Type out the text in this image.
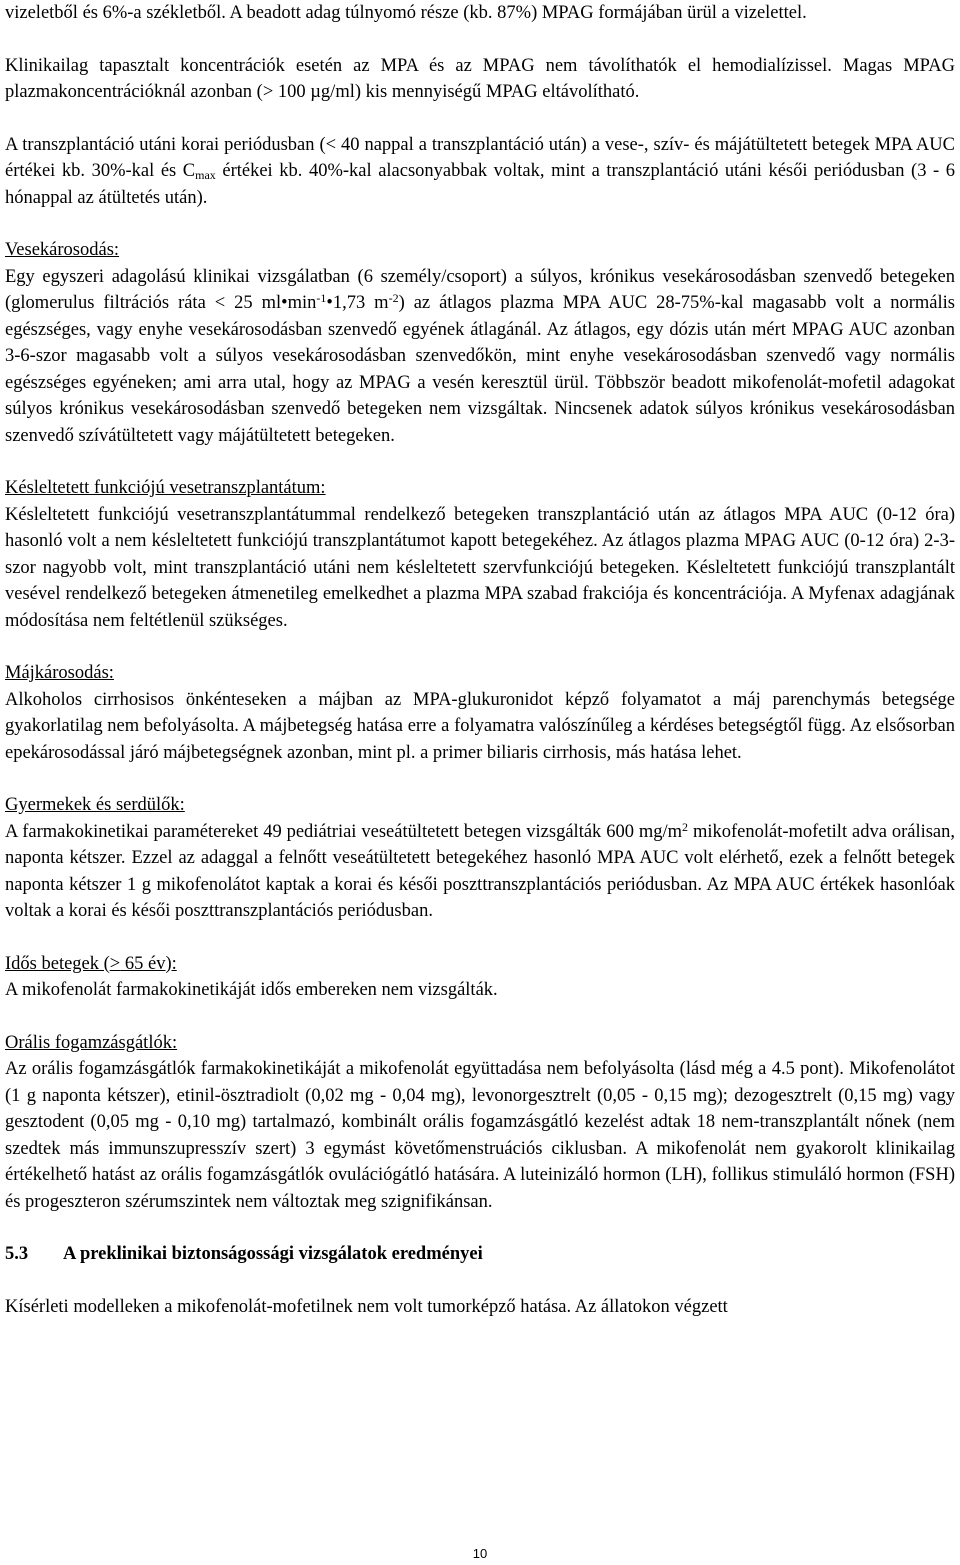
vizeletből és 6%-a székletből. A beadott adag túlnyomó része (kb. 87%) MPAG formájában ürül a vizelettel.

Klinikailag tapasztalt koncentrációk esetén az MPA és az MPAG nem távolíthatók el hemodialízissel. Magas MPAG plazmakoncentrációknál azonban (> 100 µg/ml) kis mennyiségű MPAG eltávolítható.

A transzplantáció utáni korai periódusban (< 40 nappal a transzplantáció után) a vese-, szív- és májátültetett betegek MPA AUC értékei kb. 30%-kal és $C_{max}$ értékei kb. 40%-kal alacsonyabbak voltak, mint a transzplantáció utáni késői periódusban (3 - 6 hónappal az átültetés után).

Vesekárosodás:

Egy egyszeri adagolású klinikai vizsgálatban (6 személy/csoport) a súlyos, krónikus vesekárosodásban szenvedő betegeken (glomerulus filtrációs ráta < 25 $ml•\min^{-1}•1,73$ $m^{-2}$) az átlagos plazma MPA AUC 28-75%-kal magasabb volt a normális egészséges, vagy enyhe vesekárosodásban szenvedő egyének átlagánál. Az átlagos, egy dózis után mért MPAG AUC azonban 3-6-szor magasabb volt a súlyos vesekárosodásban szenvedőkön, mint enyhe vesekárosodásban szenvedő vagy normális egészséges egyéneken; ami arra utal, hogy az MPAG a vesén keresztül ürül. Többször beadott mikofenolát-mofetil adagokat súlyos krónikus vesekárosodásban szenvedő betegeken nem vizsgáltak. Nincsenek adatok súlyos krónikus vesekárosodásban szenvedő szívátültetett vagy májátültetett betegeken.

Késleltetett funkciójú vesetranszplantátum:

Késleltetett funkciójú vesetranszplantátummal rendelkező betegeken transzplantáció után az átlagos MPA AUC (0-12 óra) hasonló volt a nem késleltetett funkciójú transzplantátumot kapott betegekéhez. Az átlagos plazma MPAG AUC (0-12 óra) 2-3-szor nagyobb volt, mint transzplantáció utáni nem késleltetett szervfunkciójú betegeken. Késleltetett funkciójú transzplantált vesével rendelkező betegeken átmenetileg emelkedhet a plazma MPA szabad frakciója és koncentrációja. A Myfenax adagjának módosítása nem feltétlenül szükséges.

Májkárosodás:

Alkoholos cirrhosisos önkénteseken a májban az MPA-glukuronidot képző folyamatot a máj parenchymás betegsége gyakorlatilag nem befolyásolta. A májbetegség hatása erre a folyamatra valószínűleg a kérdéses betegségtől függ. Az elsősorban epekárosodással járó májbetegségnek azonban, mint pl. a primer biliaris cirrhosis, más hatása lehet.

Gyermekek és serdülők:

A farmakokinetikai paramétereket 49 pediátriai veseátültetett betegen vizsgálták 600 $mg/m^2$ mikofenolát-mofetilt adva orálisan, naponta kétszer. Ezzel az adaggal a felnőtt veseátültetett betegekéhez hasonló MPA AUC volt elérhető, ezek a felnőtt betegek naponta kétszer 1 g mikofenolátot kaptak a korai és késői poszttranszplantációs periódusban. Az MPA AUC értékek hasonlóak voltak a korai és késői poszttranszplantációs periódusban.

Idős betegek (> 65 év):

A mikofenolát farmakokinetikáját idős embereken nem vizsgálták.

Orális fogamzásgátlók:

Az orális fogamzásgátlók farmakokinetikáját a mikofenolát együttadása nem befolyásolta (lásd még a 4.5 pont). Mikofenolátot (1 g naponta kétszer), etinil-ösztradiolt (0,02 mg - 0,04 mg), levonorgesztrelt (0,05 - 0,15 mg); dezogesztrelt (0,15 mg) vagy gesztodent (0,05 mg - 0,10 mg) tartalmazó, kombinált orális fogamzásgátló kezelést adtak 18 nem-transzplantált nőnek (nem szedtek más immunszupresszív szert) 3 egymást követőmenstruációs ciklusban. A mikofenolát nem gyakorolt klinikailag értékelhető hatást az orális fogamzásgátlók ovulációgátló hatására. A luteinizáló hormon (LH), follikus stimuláló hormon (FSH) és progeszteron szérumszintek nem változtak meg szignifikánsan.

5.3	A preklinikai biztonságossági vizsgálatok eredményei

Kísérleti modelleken a mikofenolát-mofetilnek nem volt tumorképző hatása. Az állatokon végzett

10
